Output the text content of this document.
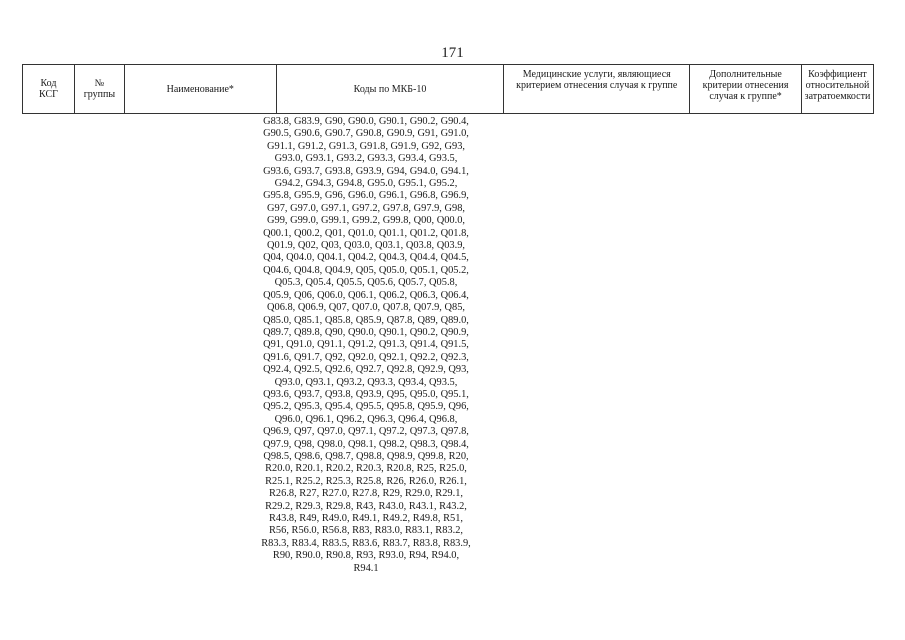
171
Код КСГ
№ группы	Наименование*	Коды по МКБ-10
Медицинские услуги, являющиеся критерием отнесения случая к группе
Дополнительные критерии отнесения случая к группе*
Коэффициент относительной затратоемкости
G83.8, G83.9, G90, G90.0, G90.1, G90.2, G90.4,
G90.5, G90.6, G90.7, G90.8, G90.9, G91, G91.0,
G91.1, G91.2, G91.3, G91.8, G91.9, G92, G93,
G93.0, G93.1, G93.2, G93.3, G93.4, G93.5,
G93.6, G93.7, G93.8, G93.9, G94, G94.0, G94.1,
G94.2, G94.3, G94.8, G95.0, G95.1, G95.2,
G95.8, G95.9, G96, G96.0, G96.1, G96.8, G96.9,
G97, G97.0, G97.1, G97.2, G97.8, G97.9, G98,
G99, G99.0, G99.1, G99.2, G99.8, Q00, Q00.0,
Q00.1, Q00.2, Q01, Q01.0, Q01.1, Q01.2, Q01.8,
Q01.9, Q02, Q03, Q03.0, Q03.1, Q03.8, Q03.9,
Q04, Q04.0, Q04.1, Q04.2, Q04.3, Q04.4, Q04.5,
Q04.6, Q04.8, Q04.9, Q05, Q05.0, Q05.1, Q05.2,
Q05.3, Q05.4, Q05.5, Q05.6, Q05.7, Q05.8,
Q05.9, Q06, Q06.0, Q06.1, Q06.2, Q06.3, Q06.4,
Q06.8, Q06.9, Q07, Q07.0, Q07.8, Q07.9, Q85,
Q85.0, Q85.1, Q85.8, Q85.9, Q87.8, Q89, Q89.0,
Q89.7, Q89.8, Q90, Q90.0, Q90.1, Q90.2, Q90.9,
Q91, Q91.0, Q91.1, Q91.2, Q91.3, Q91.4, Q91.5,
Q91.6, Q91.7, Q92, Q92.0, Q92.1, Q92.2, Q92.3,
Q92.4, Q92.5, Q92.6, Q92.7, Q92.8, Q92.9, Q93,
Q93.0, Q93.1, Q93.2, Q93.3, Q93.4, Q93.5,
Q93.6, Q93.7, Q93.8, Q93.9, Q95, Q95.0, Q95.1,
Q95.2, Q95.3, Q95.4, Q95.5, Q95.8, Q95.9, Q96,
Q96.0, Q96.1, Q96.2, Q96.3, Q96.4, Q96.8,
Q96.9, Q97, Q97.0, Q97.1, Q97.2, Q97.3, Q97.8,
Q97.9, Q98, Q98.0, Q98.1, Q98.2, Q98.3, Q98.4,
Q98.5, Q98.6, Q98.7, Q98.8, Q98.9, Q99.8, R20,
R20.0, R20.1, R20.2, R20.3, R20.8, R25, R25.0,
R25.1, R25.2, R25.3, R25.8, R26, R26.0, R26.1,
R26.8, R27, R27.0, R27.8, R29, R29.0, R29.1,
R29.2, R29.3, R29.8, R43, R43.0, R43.1, R43.2,
R43.8, R49, R49.0, R49.1, R49.2, R49.8, R51,
R56, R56.0, R56.8, R83, R83.0, R83.1, R83.2,
R83.3, R83.4, R83.5, R83.6, R83.7, R83.8, R83.9,
R90, R90.0, R90.8, R93, R93.0, R94, R94.0,
R94.1
